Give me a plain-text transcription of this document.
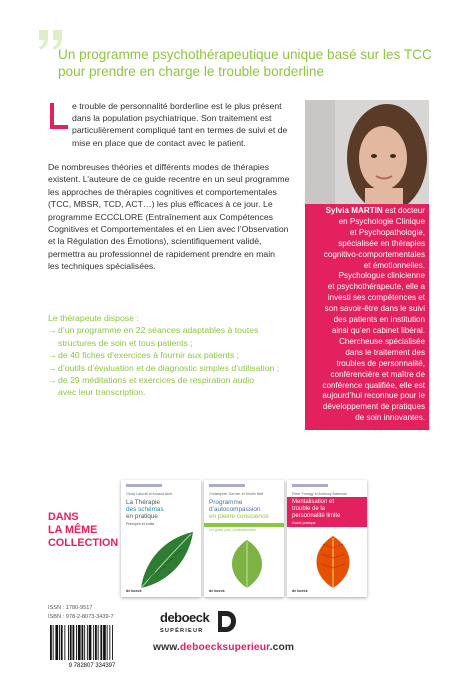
Un programme psychothérapeutique unique basé sur les TCC
pour prendre en charge le trouble borderline
L	e trouble de personnalité borderline est le plus présent
dans la population psychiatrique. Son traitement est
particulièrement compliqué tant en termes de suivi et de
mise en place que de contact avec le patient.
De nombreuses théories et différents modes de thérapies
existent. L’auteure de ce guide recentre en un seul programme
les approches de thérapies cognitives et comportementales
(TCC, MBSR, TCD, ACT…) les plus efficaces à ce jour. Le
programme ECCCLORE (Entraînement aux Compétences
Cognitives et Comportementales et en Lien avec l’Observation
et la Régulation des Émotions), scientifiquement validé,
permettra au professionnel de rapidement prendre en main
les techniques spécialisées.
Le thérapeute dispose :
→ d’un programme en 22 séances adaptables à toutes
structures de soin et tous patients ;
→ de 40 fiches d’exercices à fournir aux patients ;
→ d’outils d’évaluation et de diagnostic simples d’utilisation ;
→ de 29 méditations et exercices de respiration audio
avec leur transcription.
Sylvia MARTIN est docteur
en Psychologie Clinique
et Psychopathologie,
spécialisée en thérapies
cognitivo-comportementales
et émotionnelles.
Psychologue clinicienne
et psychothérapeute, elle a
investi ses compétences et
son savoir-être dans le suivi
des patients en institution
ainsi qu’en cabinet libéral.
Chercheuse spécialisée
dans le traitement des
troubles de personnalité,
conférencière et maître de
conférence qualifiée, elle est
aujourd’hui reconnue pour le
développement de pratiques
de soin innovantes.
DANS
LA MÊME
COLLECTION
Cindy Lalovitt et Arnaud Arnb
La Thérapie
des schémas
en pratique
Principes et outils
de boeck
Christopher Germer et Kristin Neff
Programme
d’autocompassion
en pleine conscience
Un guide pour professionnels
de boeck
Peter Fonagy et Anthony Bateman
Mentalisation et
trouble de la
personnalité limite
Guide pratique
de boeck
ISSN : 1780-9517
ISBN : 978-2-8073-3439-7
9 782807 334397
deboeck
SUPÉRIEUR
www.deboecksuperieur.com
